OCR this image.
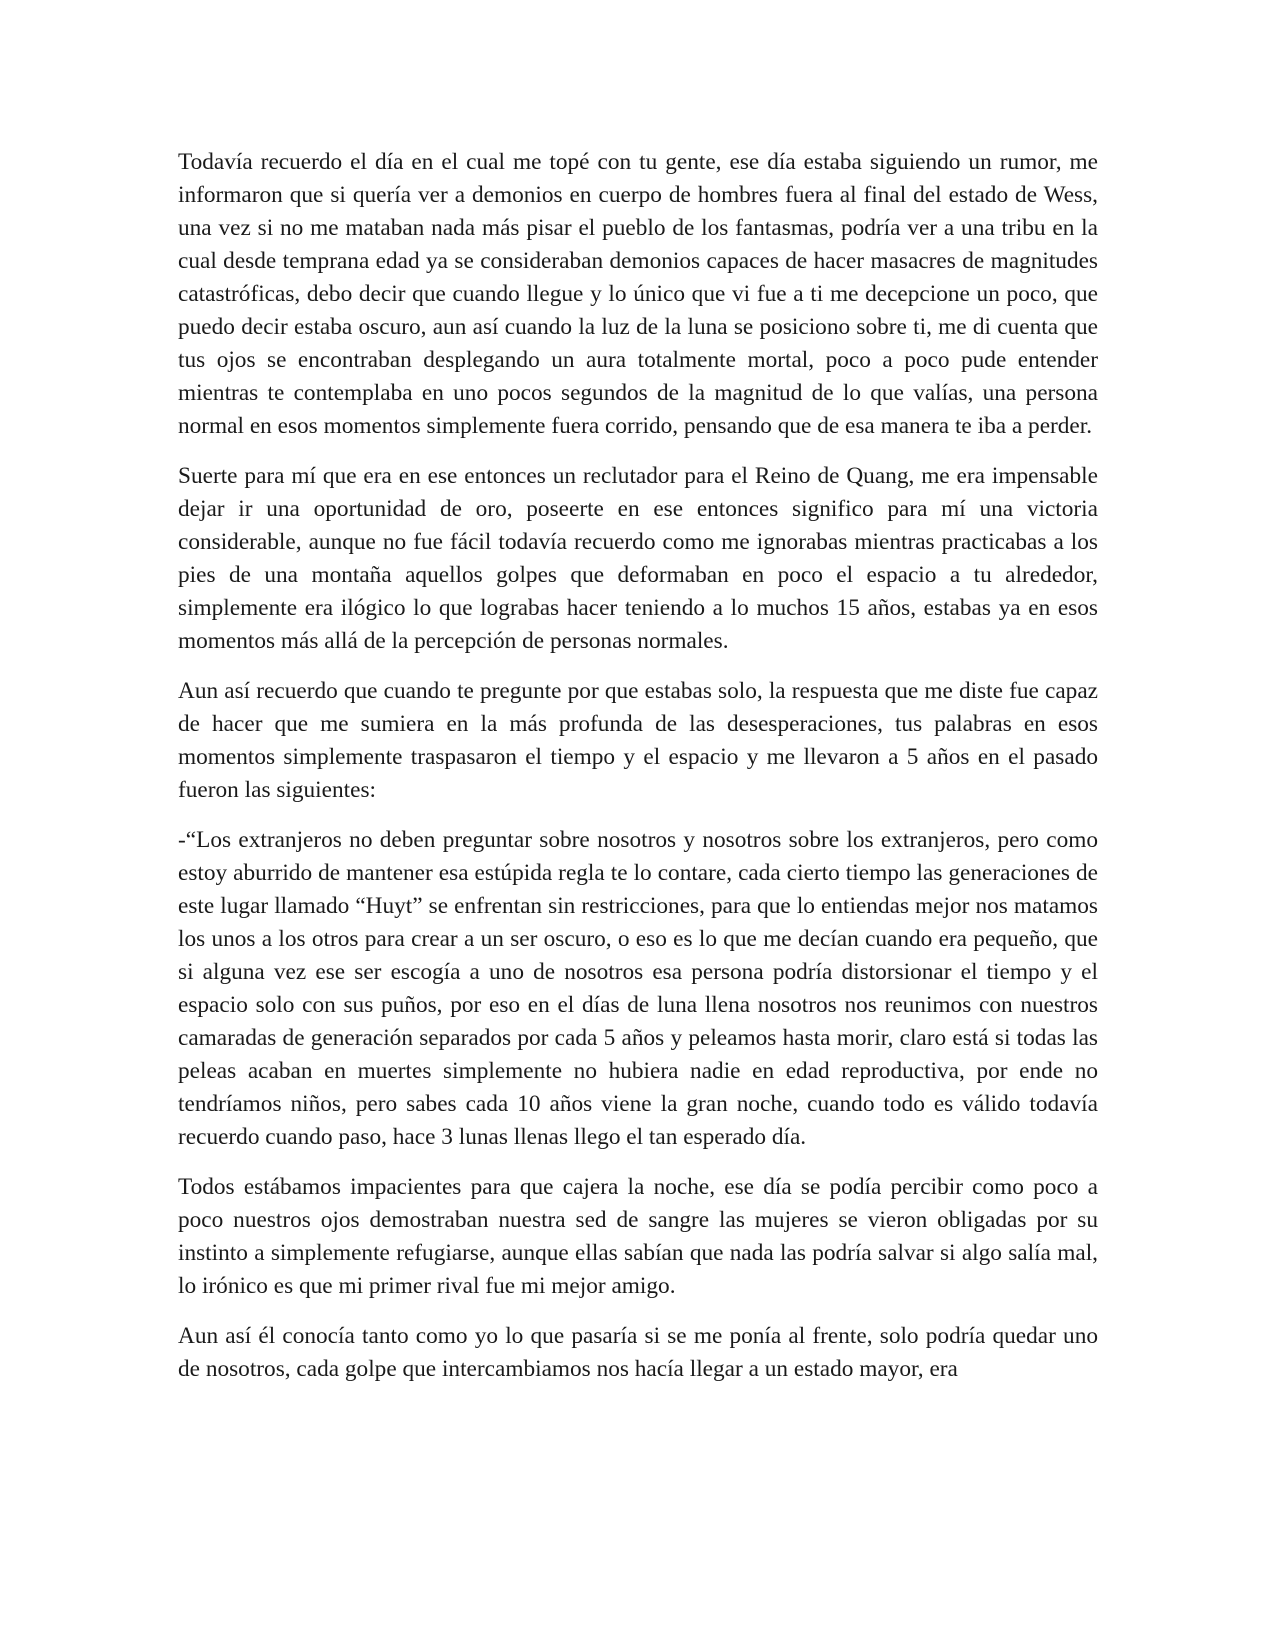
Todavía recuerdo el día en el cual me topé con tu gente, ese día estaba siguiendo un rumor, me informaron que si quería ver a demonios en cuerpo de hombres fuera al final del estado de Wess, una vez si no me mataban nada más pisar el pueblo de los fantasmas, podría ver a una tribu en la cual desde temprana edad ya se consideraban demonios capaces de hacer masacres de magnitudes catastróficas, debo decir que cuando llegue y lo único que vi fue a ti me decepcione un poco, que puedo decir estaba oscuro, aun así cuando la luz de la luna se posiciono sobre ti, me di cuenta que tus ojos se encontraban desplegando un aura totalmente mortal, poco a poco pude entender mientras te contemplaba en uno pocos segundos de la magnitud de lo que valías, una persona normal en esos momentos simplemente fuera corrido, pensando que de esa manera te iba a perder.

Suerte para mí que era en ese entonces un reclutador para el Reino de Quang, me era impensable dejar ir una oportunidad de oro, poseerte en ese entonces significo para mí una victoria considerable, aunque no fue fácil todavía recuerdo como me ignorabas mientras practicabas a los pies de una montaña aquellos golpes que deformaban en poco el espacio a tu alrededor, simplemente era ilógico lo que lograbas hacer teniendo a lo muchos 15 años, estabas ya en esos momentos más allá de la percepción de personas normales.

Aun así recuerdo que cuando te pregunte por que estabas solo, la respuesta que me diste fue capaz de hacer que me sumiera en la más profunda de las desesperaciones, tus palabras en esos momentos simplemente traspasaron el tiempo y el espacio y me llevaron a 5 años en el pasado fueron las siguientes:

-“Los extranjeros no deben preguntar sobre nosotros y nosotros sobre los extranjeros, pero como estoy aburrido de mantener esa estúpida regla te lo contare, cada cierto tiempo las generaciones de este lugar llamado “Huyt” se enfrentan sin restricciones, para que lo entiendas mejor nos matamos los unos a los otros para crear a un ser oscuro, o eso es lo que me decían cuando era pequeño, que si alguna vez ese ser escogía a uno de nosotros esa persona podría distorsionar el tiempo y el espacio solo con sus puños, por eso en el días de luna llena nosotros nos reunimos con nuestros camaradas de generación separados por cada 5 años y peleamos hasta morir, claro está si todas las peleas acaban en muertes simplemente no hubiera nadie en edad reproductiva, por ende no tendríamos niños, pero sabes cada 10 años viene la gran noche, cuando todo es válido todavía recuerdo cuando paso, hace 3 lunas llenas llego el tan esperado día.

Todos estábamos impacientes para que cajera la noche, ese día se podía percibir como poco a poco nuestros ojos demostraban nuestra sed de sangre las mujeres se vieron obligadas por su instinto a simplemente refugiarse, aunque ellas sabían que nada las podría salvar si algo salía mal, lo irónico es que mi primer rival fue mi mejor amigo.

Aun así él conocía tanto como yo lo que pasaría si se me ponía al frente, solo podría quedar uno de nosotros, cada golpe que intercambiamos nos hacía llegar a un estado mayor, era
